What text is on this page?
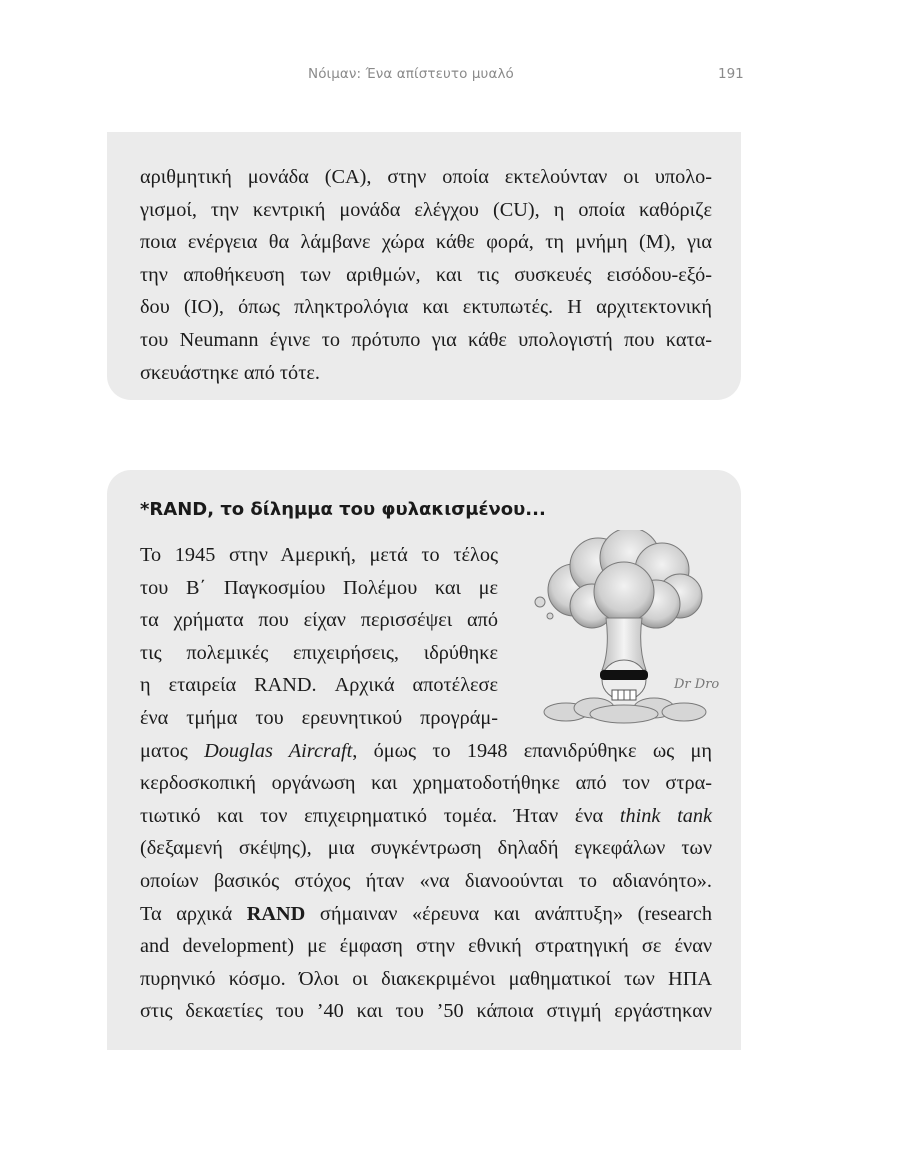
Νόιμαν: Ένα απίστευτο μυαλό	191
αριθμητική μονάδα (CA), στην οποία εκτελούνταν οι υπολο-
γισμοί, την κεντρική μονάδα ελέγχου (CU), η οποία καθόριζε
ποια ενέργεια θα λάμβανε χώρα κάθε φορά, τη μνήμη (Μ), για
την αποθήκευση των αριθμών, και τις συσκευές εισόδου-εξό-
δου (IO), όπως πληκτρολόγια και εκτυπωτές. Η αρχιτεκτονική
του Neumann έγινε το πρότυπο για κάθε υπολογιστή που κατα-
σκευάστηκε από τότε.
*RAND, το δίλημμα του φυλακισμένου...
Dr Dro
Το 1945 στην Αμερική, μετά το τέλος
του Β΄ Παγκοσμίου Πολέμου και με
τα χρήματα που είχαν περισσέψει από
τις πολεμικές επιχειρήσεις, ιδρύθηκε
η εταιρεία RAND. Αρχικά αποτέλεσε
ένα τμήμα του ερευνητικού προγράμ-
ματος Douglas Aircraft, όμως το 1948 επανιδρύθηκε ως μη
κερδοσκοπική οργάνωση και χρηματοδοτήθηκε από τον στρα-
τιωτικό και τον επιχειρηματικό τομέα. Ήταν ένα think tank
(δεξαμενή σκέψης), μια συγκέντρωση δηλαδή εγκεφάλων των
οποίων βασικός στόχος ήταν «να διανοούνται το αδιανόητο».
Τα αρχικά RAND σήμαιναν «έρευνα και ανάπτυξη» (research
and development) με έμφαση στην εθνική στρατηγική σε έναν
πυρηνικό κόσμο. Όλοι οι διακεκριμένοι μαθηματικοί των ΗΠΑ
στις δεκαετίες του ’40 και του ’50 κάποια στιγμή εργάστηκαν
